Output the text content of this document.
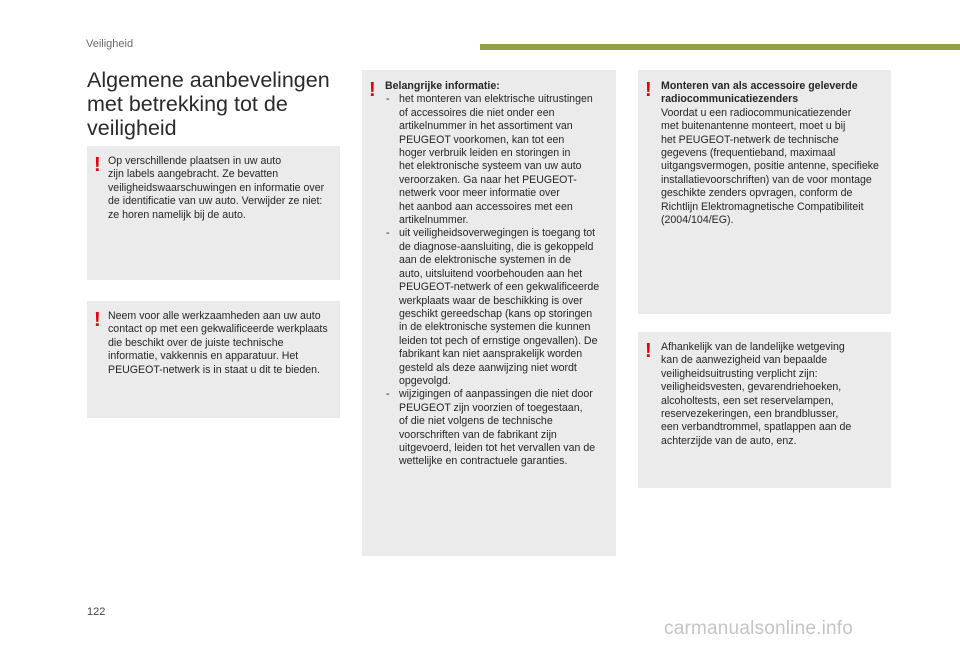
Veiligheid
Algemene aanbevelingen
met betrekking tot de
veiligheid
! Op verschillende plaatsen in uw auto
zijn labels aangebracht. Ze bevatten
veiligheidswaarschuwingen en informatie over
de identificatie van uw auto. Verwijder ze niet:
ze horen namelijk bij de auto.

! Neem voor alle werkzaamheden aan uw auto
contact op met een gekwalificeerde werkplaats
die beschikt over de juiste technische
informatie, vakkennis en apparatuur. Het
PEUGEOT-netwerk is in staat u dit te bieden.

! Belangrijke informatie:

- het monteren van elektrische uitrustingen
of accessoires die niet onder een
artikelnummer in het assortiment van
PEUGEOT voorkomen, kan tot een
hoger verbruik leiden en storingen in
het elektronische systeem van uw auto
veroorzaken. Ga naar het PEUGEOT-
netwerk voor meer informatie over
het aanbod aan accessoires met een
artikelnummer.

- uit veiligheidsoverwegingen is toegang tot
de diagnose-aansluiting, die is gekoppeld
aan de elektronische systemen in de
auto, uitsluitend voorbehouden aan het
PEUGEOT-netwerk of een gekwalificeerde
werkplaats waar de beschikking is over
geschikt gereedschap (kans op storingen
in de elektronische systemen die kunnen
leiden tot pech of ernstige ongevallen). De
fabrikant kan niet aansprakelijk worden
gesteld als deze aanwijzing niet wordt
opgevolgd.

- wijzigingen of aanpassingen die niet door
PEUGEOT zijn voorzien of toegestaan,
of die niet volgens de technische
voorschriften van de fabrikant zijn
uitgevoerd, leiden tot het vervallen van de
wettelijke en contractuele garanties.

! Monteren van als accessoire geleverde
radiocommunicatiezenders

Voordat u een radiocommunicatiezender
met buitenantenne monteert, moet u bij
het PEUGEOT-netwerk de technische
gegevens (frequentieband, maximaal
uitgangsvermogen, positie antenne, specifieke
installatievoorschriften) van de voor montage
geschikte zenders opvragen, conform de
Richtlijn Elektromagnetische Compatibiliteit
(2004/104/EG).

! Afhankelijk van de landelijke wetgeving
kan de aanwezigheid van bepaalde
veiligheidsuitrusting verplicht zijn:
veiligheidsvesten, gevarendriehoeken,
alcoholtests, een set reservelampen,
reservezekeringen, een brandblusser,
een verbandtrommel, spatlappen aan de
achterzijde van de auto, enz.

122
carmanualsonline.info
